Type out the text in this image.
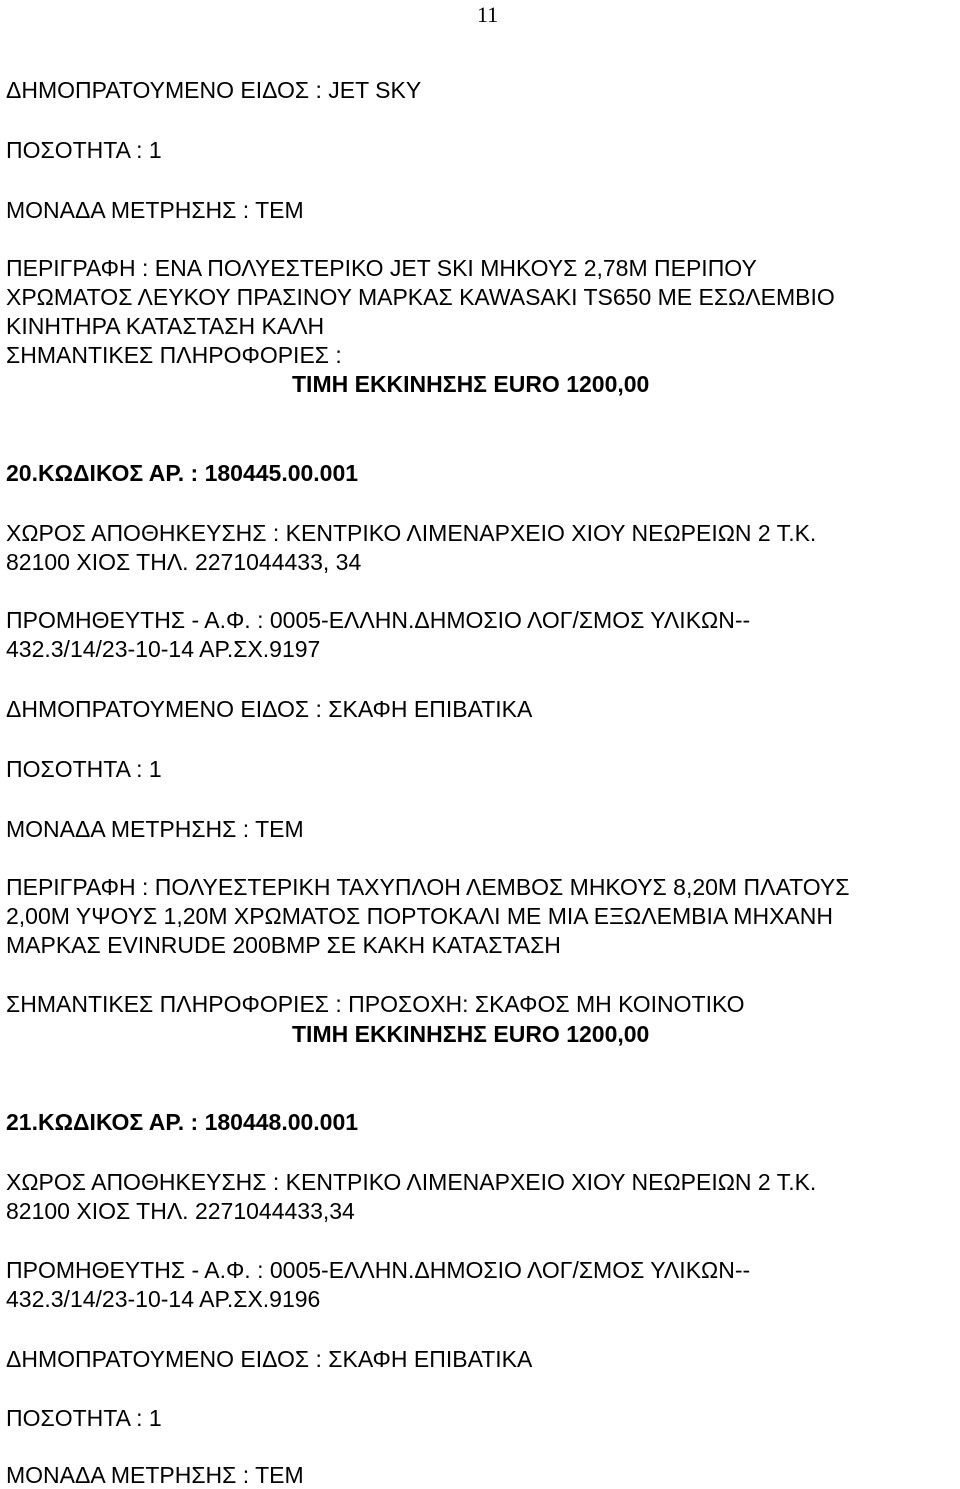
11
ΔΗΜΟΠΡΑΤΟΥΜΕΝΟ ΕΙΔΟΣ : JET SKY
ΠΟΣΟΤΗΤΑ : 1
ΜΟΝΑΔΑ ΜΕΤΡΗΣΗΣ : ΤΕΜ
ΠΕΡΙΓΡΑΦΗ : ΕΝΑ ΠΟΛΥΕΣΤΕΡΙΚΟ JET SKI ΜΗΚΟΥΣ 2,78Μ ΠΕΡΙΠΟΥ
ΧΡΩΜΑΤΟΣ ΛΕΥΚΟΥ ΠΡΑΣΙΝΟΥ ΜΑΡΚΑΣ KAWASAKI TS650 ΜΕ ΕΣΩΛΕΜΒΙΟ
ΚΙΝΗΤΗΡΑ ΚΑΤΑΣΤΑΣΗ ΚΑΛΗ
ΣΗΜΑΝΤΙΚΕΣ ΠΛΗΡΟΦΟΡΙΕΣ :
ΤΙΜΗ ΕΚΚΙΝΗΣΗΣ EURO 1200,00
20.ΚΩΔΙΚΟΣ ΑΡ. : 180445.00.001
ΧΩΡΟΣ ΑΠΟΘΗΚΕΥΣΗΣ : ΚΕΝΤΡΙΚΟ ΛΙΜΕΝΑΡΧΕΙΟ ΧΙΟΥ ΝΕΩΡΕΙΩΝ 2 Τ.Κ.
82100 ΧΙΟΣ ΤΗΛ. 2271044433, 34
ΠΡΟΜΗΘΕΥΤΗΣ - Α.Φ. : 0005-ΕΛΛΗΝ.ΔΗΜΟΣΙΟ ΛΟΓ/ΣΜΟΣ ΥΛΙΚΩΝ--
432.3/14/23-10-14 ΑΡ.ΣΧ.9197
ΔΗΜΟΠΡΑΤΟΥΜΕΝΟ ΕΙΔΟΣ : ΣΚΑΦΗ ΕΠΙΒΑΤΙΚΑ
ΠΟΣΟΤΗΤΑ : 1
ΜΟΝΑΔΑ ΜΕΤΡΗΣΗΣ : ΤΕΜ
ΠΕΡΙΓΡΑΦΗ : ΠΟΛΥΕΣΤΕΡΙΚΗ ΤΑΧΥΠΛΟΗ ΛΕΜΒΟΣ ΜΗΚΟΥΣ 8,20Μ ΠΛΑΤΟΥΣ
2,00Μ ΥΨΟΥΣ 1,20Μ ΧΡΩΜΑΤΟΣ ΠΟΡΤΟΚΑΛΙ ΜΕ ΜΙΑ ΕΞΩΛΕΜΒΙΑ ΜΗΧΑΝΗ
ΜΑΡΚΑΣ EVINRUDE 200BMP ΣΕ ΚΑΚΗ ΚΑΤΑΣΤΑΣΗ
ΣΗΜΑΝΤΙΚΕΣ ΠΛΗΡΟΦΟΡΙΕΣ : ΠΡΟΣΟΧΗ: ΣΚΑΦΟΣ ΜΗ ΚΟΙΝΟΤΙΚΟ
ΤΙΜΗ ΕΚΚΙΝΗΣΗΣ EURO 1200,00
21.ΚΩΔΙΚΟΣ ΑΡ. : 180448.00.001
ΧΩΡΟΣ ΑΠΟΘΗΚΕΥΣΗΣ : ΚΕΝΤΡΙΚΟ ΛΙΜΕΝΑΡΧΕΙΟ ΧΙΟΥ ΝΕΩΡΕΙΩΝ 2 Τ.Κ.
82100 ΧΙΟΣ ΤΗΛ. 2271044433,34
ΠΡΟΜΗΘΕΥΤΗΣ - Α.Φ. : 0005-ΕΛΛΗΝ.ΔΗΜΟΣΙΟ ΛΟΓ/ΣΜΟΣ ΥΛΙΚΩΝ--
432.3/14/23-10-14 ΑΡ.ΣΧ.9196
ΔΗΜΟΠΡΑΤΟΥΜΕΝΟ ΕΙΔΟΣ : ΣΚΑΦΗ ΕΠΙΒΑΤΙΚΑ
ΠΟΣΟΤΗΤΑ : 1
ΜΟΝΑΔΑ ΜΕΤΡΗΣΗΣ : ΤΕΜ
